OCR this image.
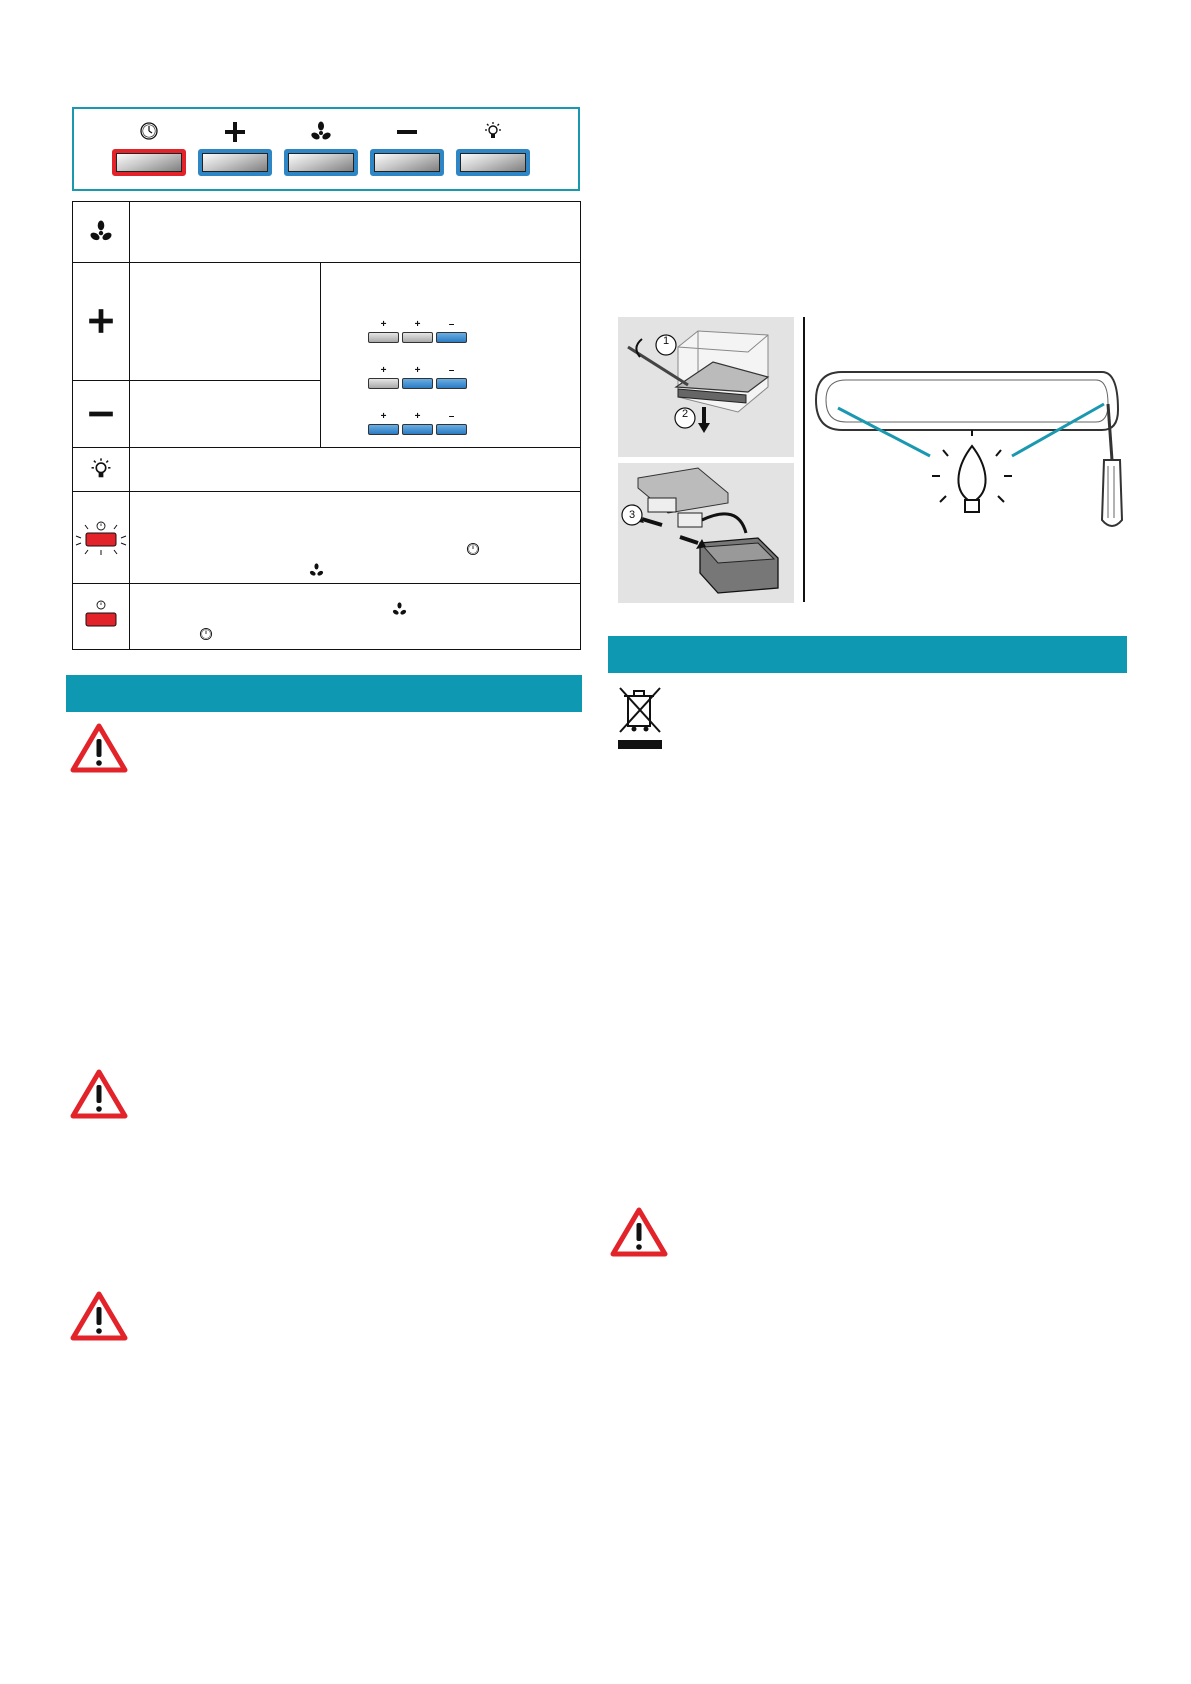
+	+	–
+	+	–
+	+	–
1
2
3
